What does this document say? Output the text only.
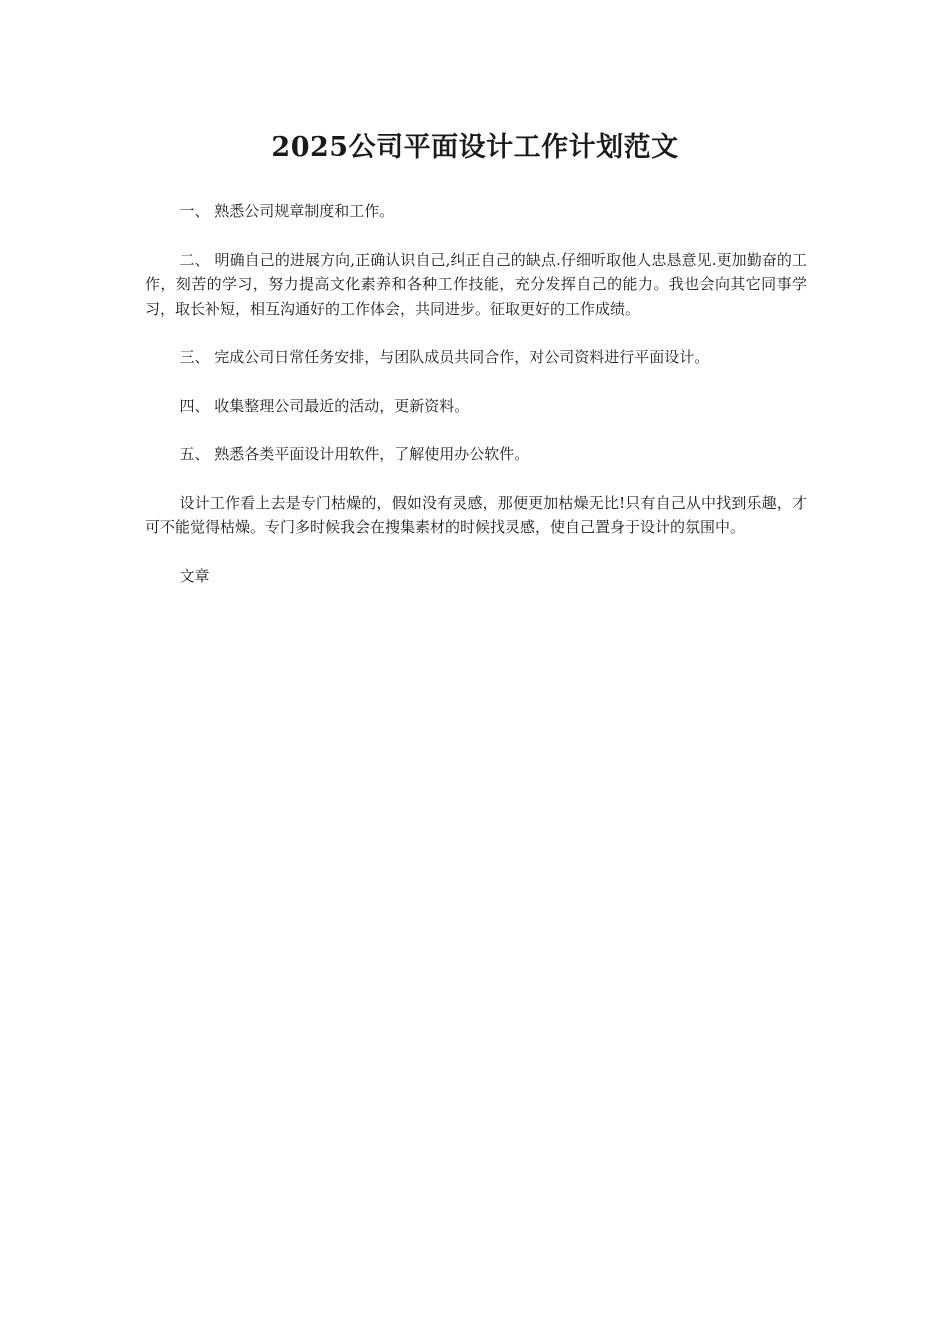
2025公司平面设计工作计划范文

一、 熟悉公司规章制度和工作。

二、 明确自己的进展方向,正确认识自己,纠正自己的缺点.仔细听取他人忠恳意见.更加勤奋的工作，刻苦的学习，努力提高文化素养和各种工作技能，充分发挥自己的能力。我也会向其它同事学习，取长补短，相互沟通好的工作体会，共同进步。征取更好的工作成绩。

三、 完成公司日常任务安排，与团队成员共同合作，对公司资料进行平面设计。

四、 收集整理公司最近的活动，更新资料。

五、 熟悉各类平面设计用软件，了解使用办公软件。

设计工作看上去是专门枯燥的，假如没有灵感，那便更加枯燥无比!只有自己从中找到乐趣，才可不能觉得枯燥。专门多时候我会在搜集素材的时候找灵感，使自己置身于设计的氛围中。

文章
